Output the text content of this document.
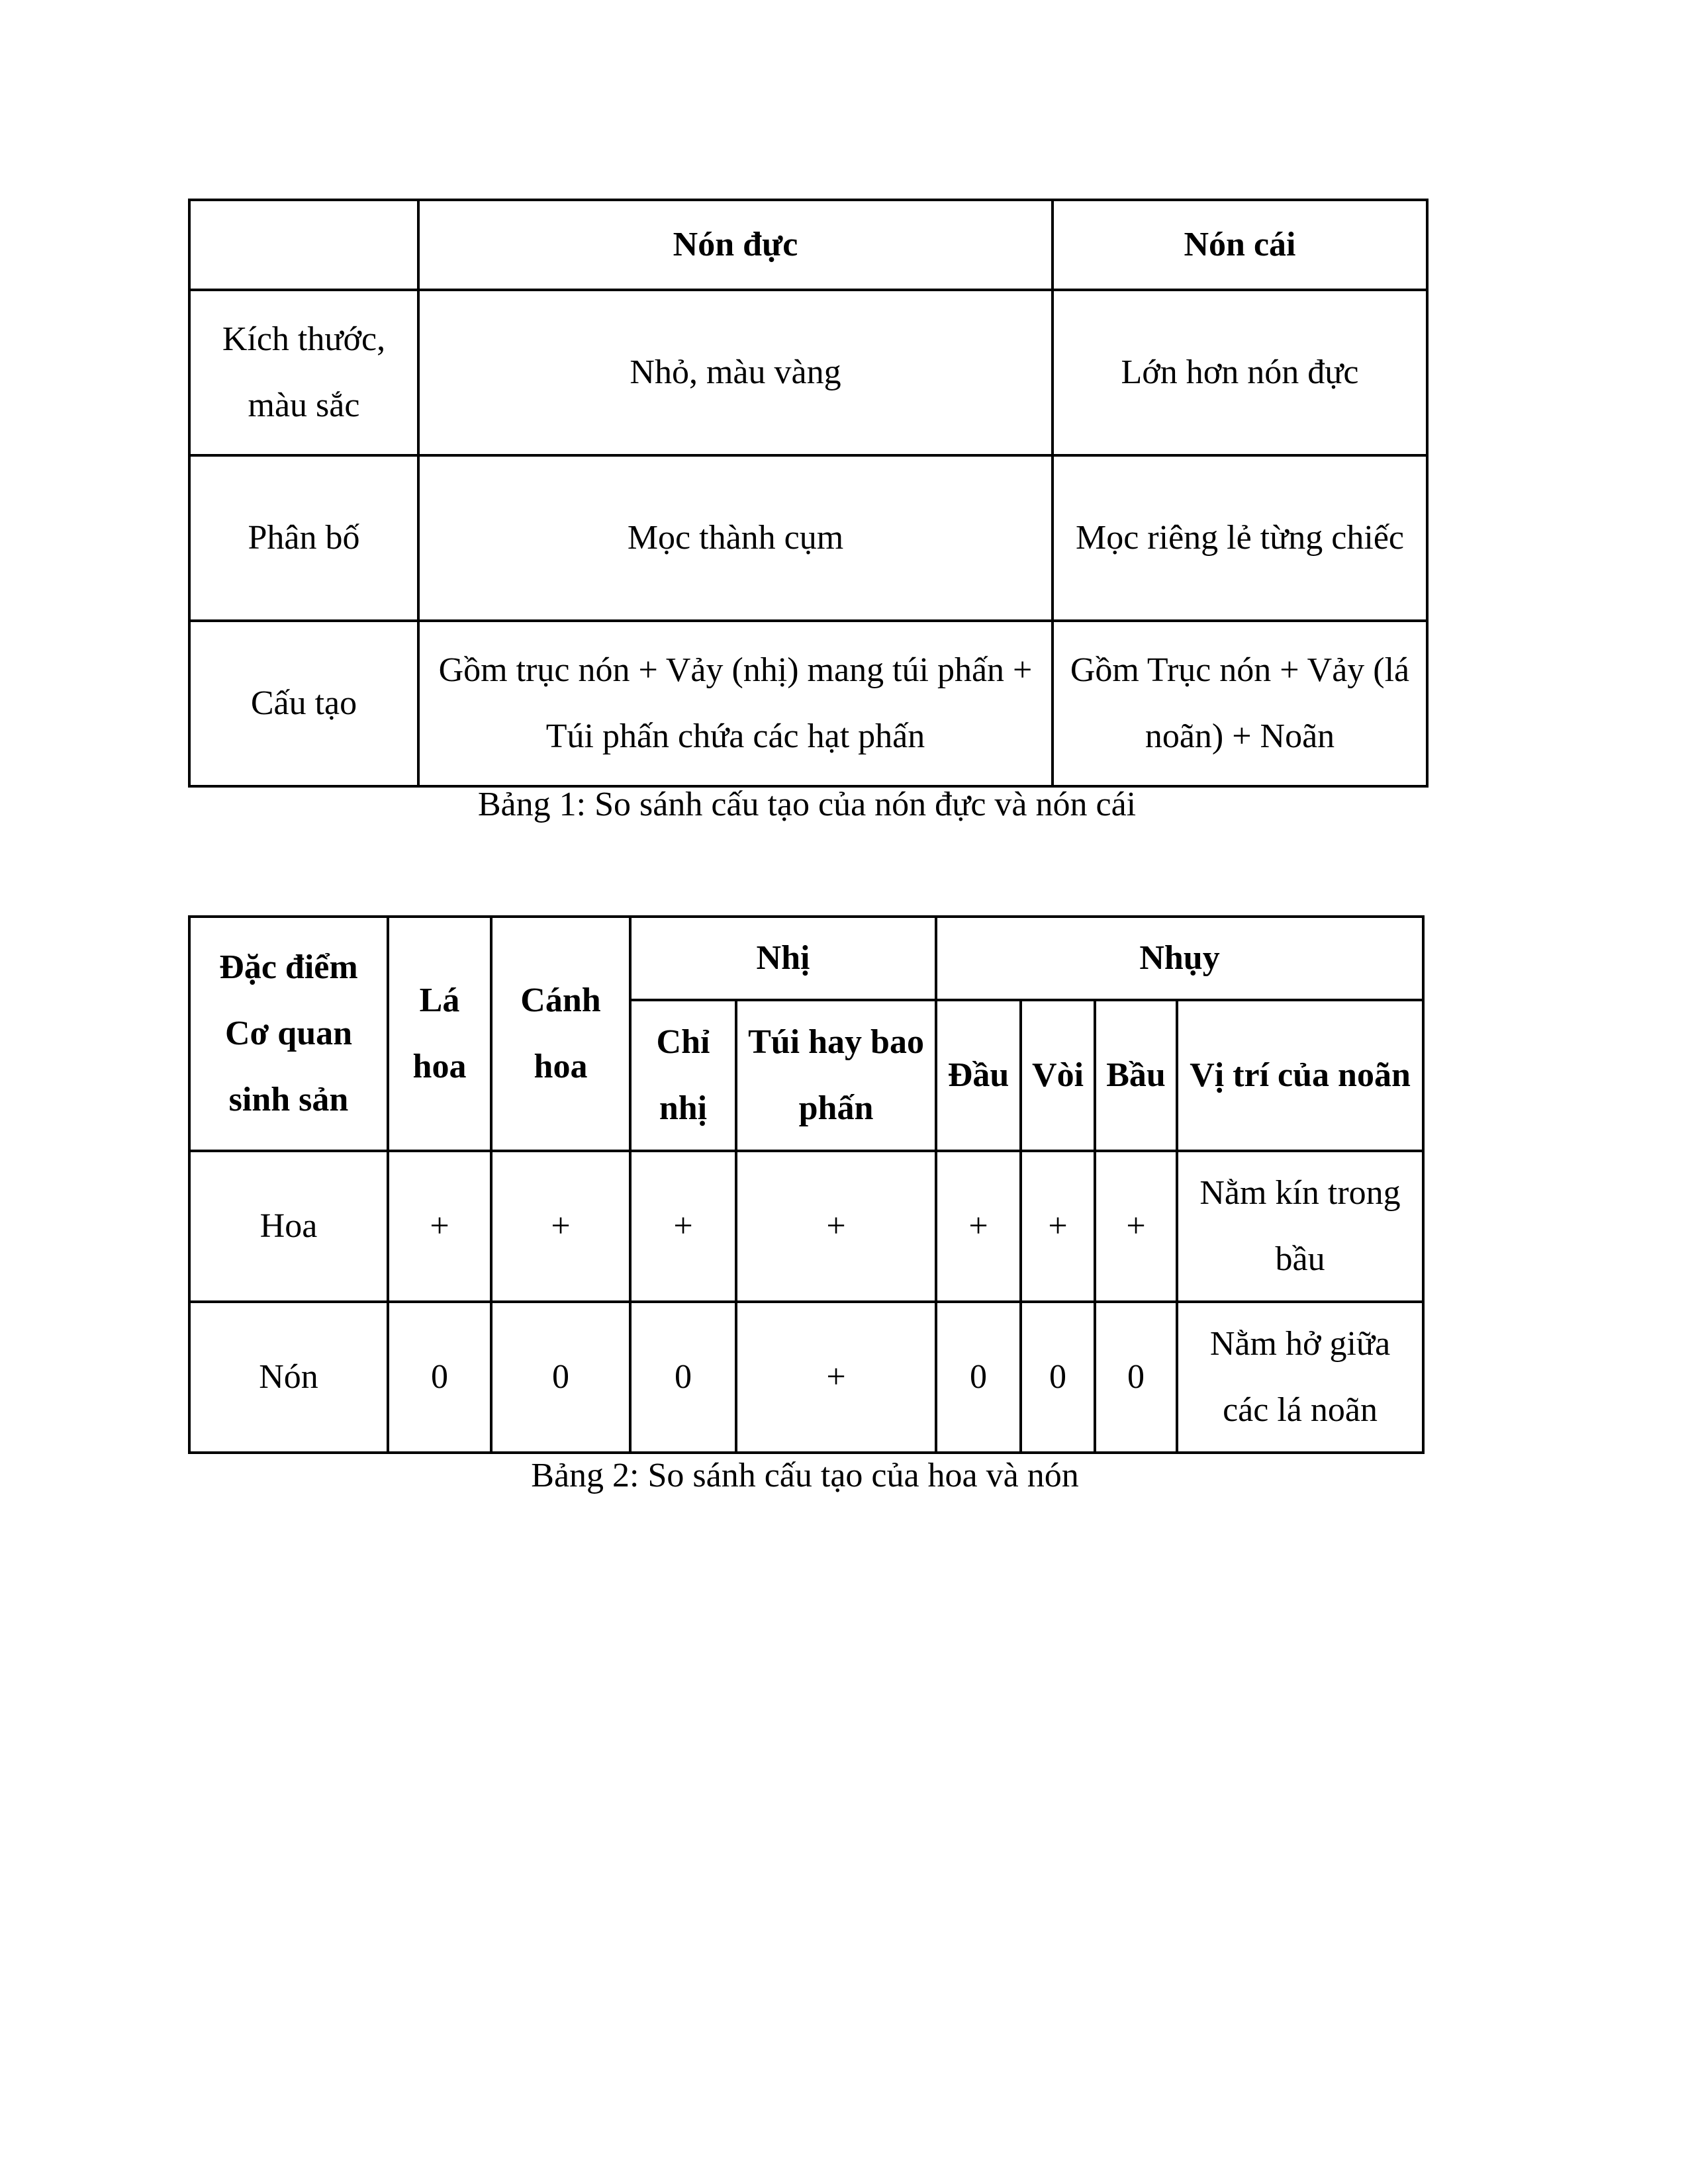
	Nón đực	Nón cái
Kích thước, màu sắc	Nhỏ, màu vàng	Lớn hơn nón đực
Phân bố	Mọc thành cụm	Mọc riêng lẻ từng chiếc
Cấu tạo	Gồm trục nón + Vảy (nhị) mang túi phấn + Túi phấn chứa các hạt phấn	Gồm Trục nón + Vảy (lá noãn) + Noãn
Bảng 1: So sánh cấu tạo của nón đực và nón cái
Đặc điểm Cơ quan sinh sản	Lá hoa	Cánh hoa	Nhị		Nhụy			
			Chỉ nhị	Túi hay bao phấn	Đầu	Vòi	Bầu	Vị trí của noãn
Hoa	+	+	+	+	+	+	+	Nằm kín trong bầu
Nón	0	0	0	+	0	0	0	Nằm hở giữa các lá noãn
Bảng 2: So sánh cấu tạo của hoa và nón
